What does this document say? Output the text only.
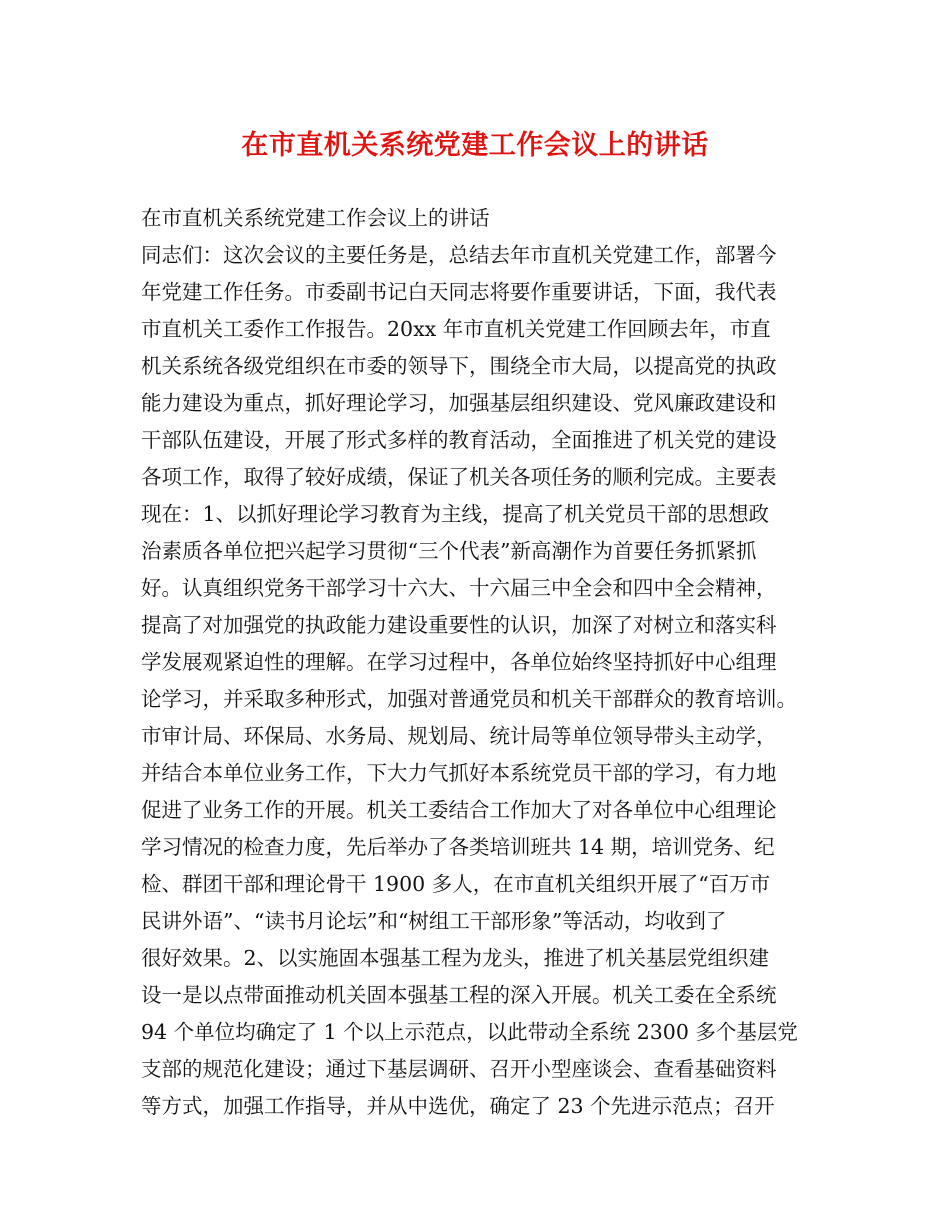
在市直机关系统党建工作会议上的讲话
在市直机关系统党建工作会议上的讲话
同志们：这次会议的主要任务是，总结去年市直机关党建工作，部署今
年党建工作任务。市委副书记白天同志将要作重要讲话，下面，我代表
市直机关工委作工作报告。20xx 年市直机关党建工作回顾去年，市直
机关系统各级党组织在市委的领导下，围绕全市大局，以提高党的执政
能力建设为重点，抓好理论学习，加强基层组织建设、党风廉政建设和
干部队伍建设，开展了形式多样的教育活动，全面推进了机关党的建设
各项工作，取得了较好成绩，保证了机关各项任务的顺利完成。主要表
现在：1、以抓好理论学习教育为主线，提高了机关党员干部的思想政
治素质各单位把兴起学习贯彻“三个代表”新高潮作为首要任务抓紧抓
好。认真组织党务干部学习十六大、十六届三中全会和四中全会精神，
提高了对加强党的执政能力建设重要性的认识，加深了对树立和落实科
学发展观紧迫性的理解。在学习过程中，各单位始终坚持抓好中心组理
论学习，并采取多种形式，加强对普通党员和机关干部群众的教育培训。
市审计局、环保局、水务局、规划局、统计局等单位领导带头主动学，
并结合本单位业务工作，下大力气抓好本系统党员干部的学习，有力地
促进了业务工作的开展。机关工委结合工作加大了对各单位中心组理论
学习情况的检查力度，先后举办了各类培训班共 14 期，培训党务、纪
检、群团干部和理论骨干 1900 多人，在市直机关组织开展了“百万市
民讲外语”、“读书月论坛”和“树组工干部形象”等活动，均收到了
很好效果。2、以实施固本强基工程为龙头，推进了机关基层党组织建
设一是以点带面推动机关固本强基工程的深入开展。机关工委在全系统
94 个单位均确定了 1 个以上示范点，以此带动全系统 2300 多个基层党
支部的规范化建设；通过下基层调研、召开小型座谈会、查看基础资料
等方式，加强工作指导，并从中选优，确定了 23 个先进示范点；召开
